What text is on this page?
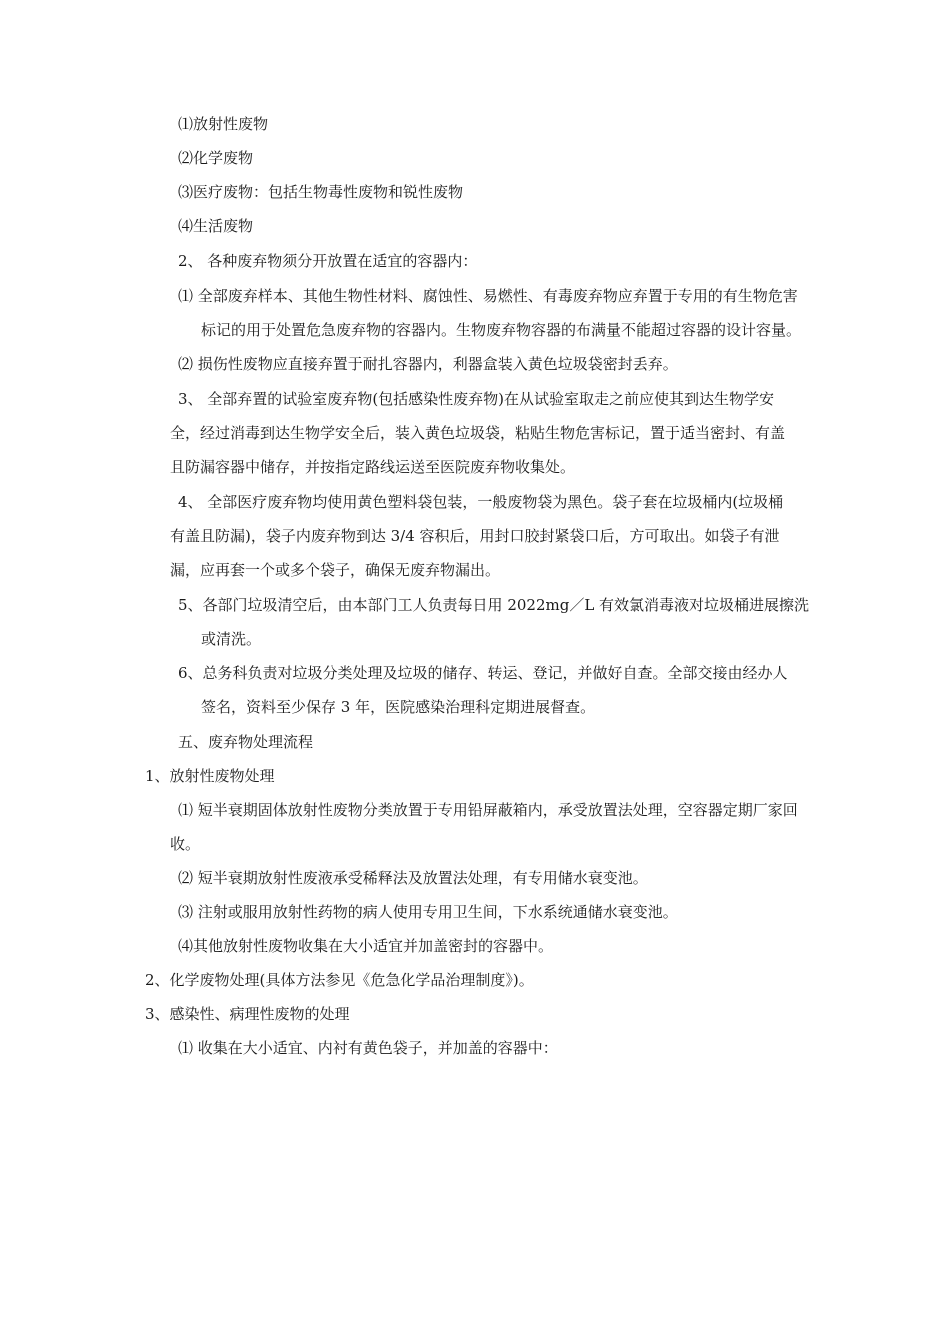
⑴放射性废物
⑵化学废物
⑶医疗废物：包括生物毒性废物和锐性废物
⑷生活废物
2、 各种废弃物须分开放置在适宜的容器内：
⑴ 全部废弃样本、其他生物性材料、腐蚀性、易燃性、有毒废弃物应弃置于专用的有生物危害
标记的用于处置危急废弃物的容器内。生物废弃物容器的布满量不能超过容器的设计容量。
⑵ 损伤性废物应直接弃置于耐扎容器内，利器盒装入黄色垃圾袋密封丢弃。
3、 全部弃置的试验室废弃物(包括感染性废弃物)在从试验室取走之前应使其到达生物学安
全，经过消毒到达生物学安全后，装入黄色垃圾袋，粘贴生物危害标记，置于适当密封、有盖
且防漏容器中储存，并按指定路线运送至医院废弃物收集处。
4、 全部医疗废弃物均使用黄色塑料袋包装，一般废物袋为黑色。袋子套在垃圾桶内(垃圾桶
有盖且防漏)，袋子内废弃物到达 3/4 容积后，用封口胶封紧袋口后，方可取出。如袋子有泄
漏，应再套一个或多个袋子，确保无废弃物漏出。
5、各部门垃圾清空后，由本部门工人负责每日用 2022mg／L 有效氯消毒液对垃圾桶进展擦洗
或清洗。
6、总务科负责对垃圾分类处理及垃圾的储存、转运、登记，并做好自查。全部交接由经办人
签名，资料至少保存 3 年，医院感染治理科定期进展督查。
五、废弃物处理流程
1、放射性废物处理
⑴ 短半衰期固体放射性废物分类放置于专用铅屏蔽箱内，承受放置法处理，空容器定期厂家回
收。
⑵ 短半衰期放射性废液承受稀释法及放置法处理，有专用储水衰变池。
⑶ 注射或服用放射性药物的病人使用专用卫生间，下水系统通储水衰变池。
⑷其他放射性废物收集在大小适宜并加盖密封的容器中。
2、化学废物处理(具体方法参见《危急化学品治理制度》)。
3、感染性、病理性废物的处理
⑴ 收集在大小适宜、内衬有黄色袋子，并加盖的容器中：
